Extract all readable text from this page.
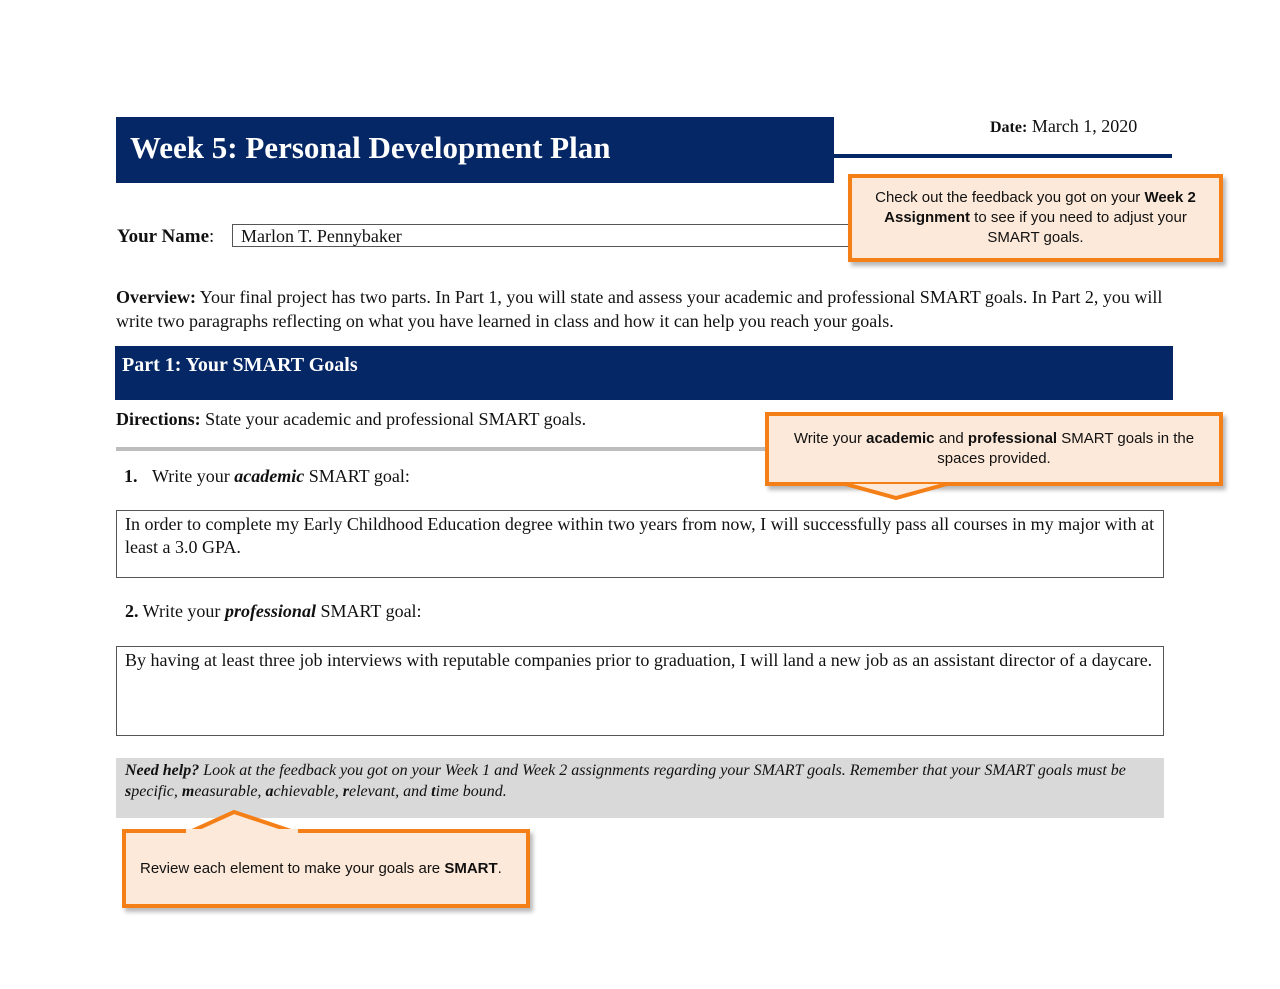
Week 5: Personal Development Plan
Date: March 1, 2020
Your Name:	Marlon T. Pennybaker

Overview: Your final project has two parts. In Part 1, you will state and assess your academic and professional SMART goals. In Part 2, you will write two paragraphs reflecting on what you have learned in class and how it can help you reach your goals.

Part 1: Your SMART Goals
Directions: State your academic and professional SMART goals.
1. Write your academic SMART goal:

In order to complete my Early Childhood Education degree within two years from now, I will successfully pass all courses in my major with at least a 3.0 GPA.

2. Write your professional SMART goal:

By having at least three job interviews with reputable companies prior to graduation, I will land a new job as an assistant director of a daycare.

Need help? Look at the feedback you got on your Week 1 and Week 2 assignments regarding your SMART goals. Remember that your SMART goals must be specific, measurable, achievable, relevant, and time bound.

Check out the feedback you got on your Week 2 Assignment to see if you need to adjust your SMART goals.
Write your academic and professional SMART goals in the spaces provided.
Review each element to make your goals are SMART.
